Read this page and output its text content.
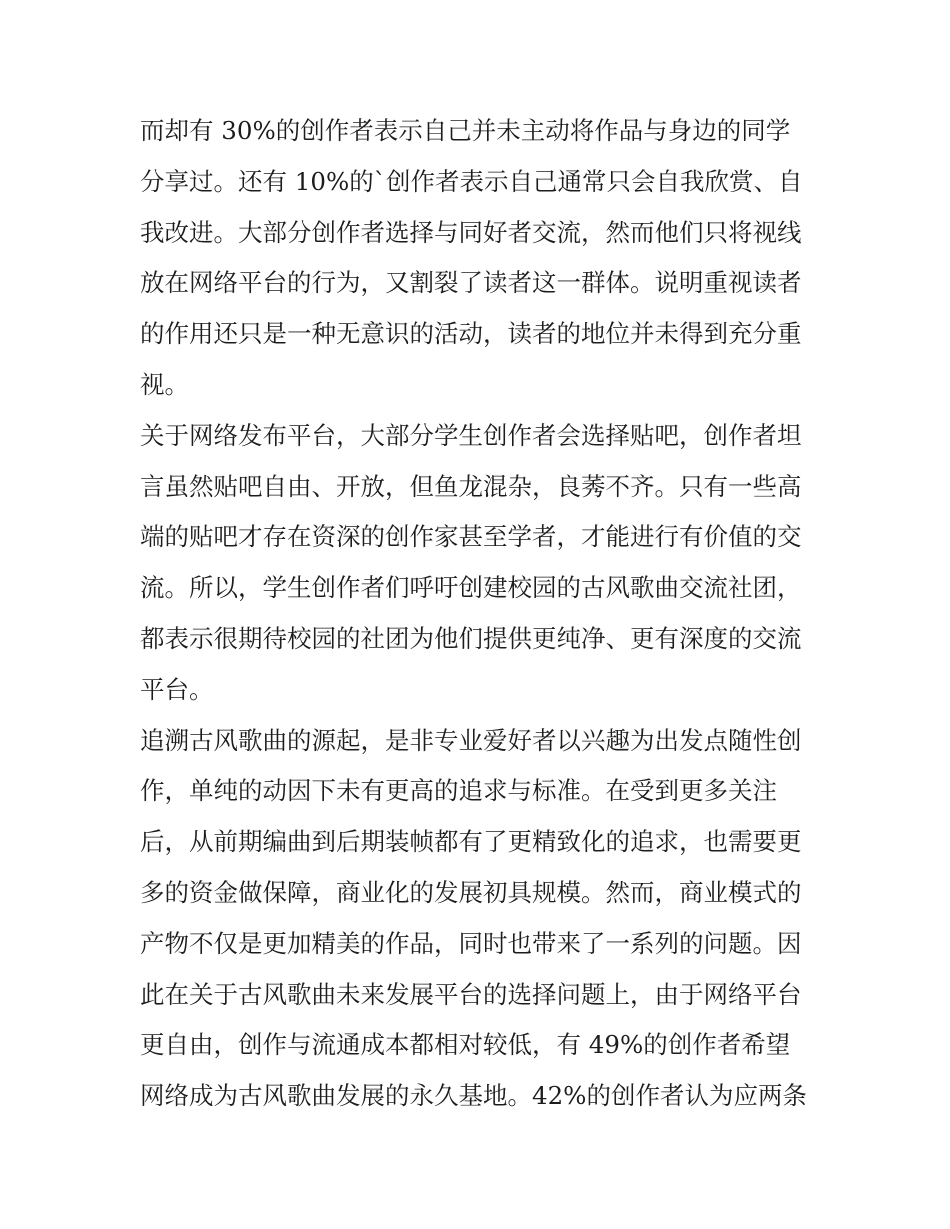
而却有 30%的创作者表示自己并未主动将作品与身边的同学
分享过。还有 10%的`创作者表示自己通常只会自我欣赏、自
我改进。大部分创作者选择与同好者交流，然而他们只将视线
放在网络平台的行为，又割裂了读者这一群体。说明重视读者
的作用还只是一种无意识的活动，读者的地位并未得到充分重
视。
关于网络发布平台，大部分学生创作者会选择贴吧，创作者坦
言虽然贴吧自由、开放，但鱼龙混杂，良莠不齐。只有一些高
端的贴吧才存在资深的创作家甚至学者，才能进行有价值的交
流。所以，学生创作者们呼吁创建校园的古风歌曲交流社团，
都表示很期待校园的社团为他们提供更纯净、更有深度的交流
平台。
追溯古风歌曲的源起，是非专业爱好者以兴趣为出发点随性创
作，单纯的动因下未有更高的追求与标准。在受到更多关注
后，从前期编曲到后期装帧都有了更精致化的追求，也需要更
多的资金做保障，商业化的发展初具规模。然而，商业模式的
产物不仅是更加精美的作品，同时也带来了一系列的问题。因
此在关于古风歌曲未来发展平台的选择问题上，由于网络平台
更自由，创作与流通成本都相对较低，有 49%的创作者希望
网络成为古风歌曲发展的永久基地。42%的创作者认为应两条
